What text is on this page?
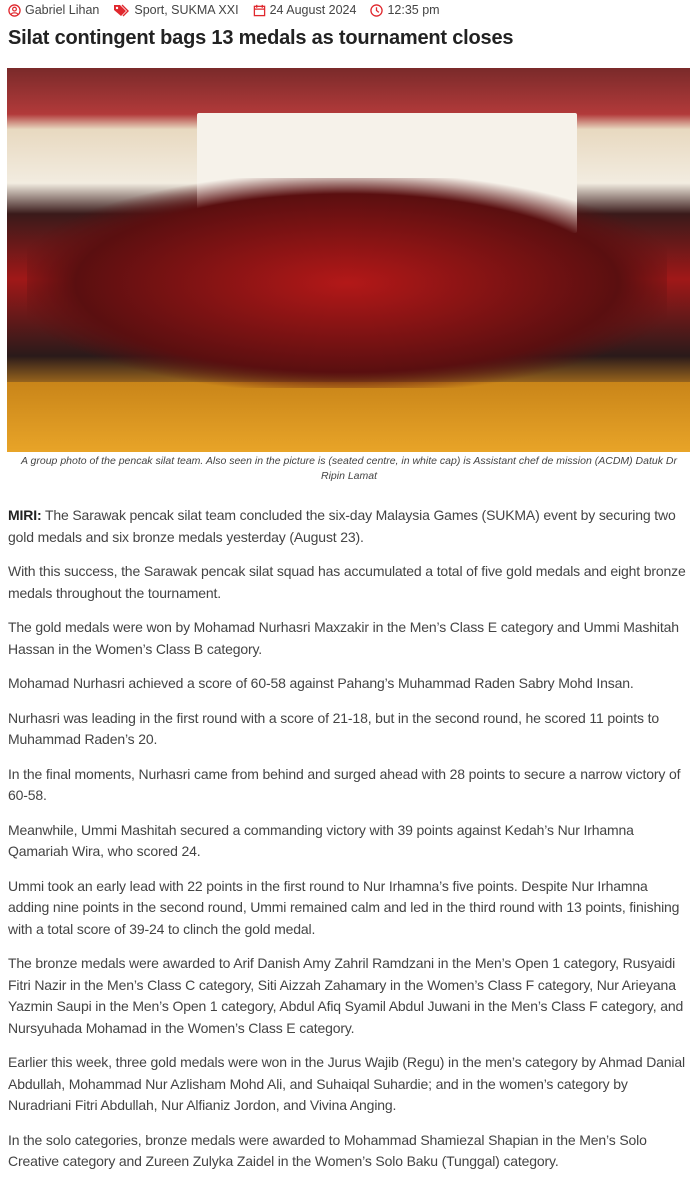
Gabriel Lihan	Sport, SUKMA XXI 24 August 2024 12:35 pm
Silat contingent bags 13 medals as tournament closes
A group photo of the pencak silat team. Also seen in the picture is (seated centre, in white cap) is Assistant chef de mission (ACDM) Datuk Dr Ripin Lamat

MIRI: The Sarawak pencak silat team concluded the six-day Malaysia Games (SUKMA) event by securing two gold medals and six bronze medals yesterday (August 23).

With this success, the Sarawak pencak silat squad has accumulated a total of five gold medals and eight bronze medals throughout the tournament.

The gold medals were won by Mohamad Nurhasri Maxzakir in the Men’s Class E category and Ummi Mashitah Hassan in the Women’s Class B category.

Mohamad Nurhasri achieved a score of 60-58 against Pahang’s Muhammad Raden Sabry Mohd Insan.

Nurhasri was leading in the first round with a score of 21-18, but in the second round, he scored 11 points to Muhammad Raden’s 20.

In the final moments, Nurhasri came from behind and surged ahead with 28 points to secure a narrow victory of 60-58.

Meanwhile, Ummi Mashitah secured a commanding victory with 39 points against Kedah’s Nur Irhamna Qamariah Wira, who scored 24.

Ummi took an early lead with 22 points in the first round to Nur Irhamna’s five points. Despite Nur Irhamna adding nine points in the second round, Ummi remained calm and led in the third round with 13 points, finishing with a total score of 39-24 to clinch the gold medal.

The bronze medals were awarded to Arif Danish Amy Zahril Ramdzani in the Men’s Open 1 category, Rusyaidi Fitri Nazir in the Men’s Class C category, Siti Aizzah Zahamary in the Women’s Class F category, Nur Arieyana Yazmin Saupi in the Men’s Open 1 category, Abdul Afiq Syamil Abdul Juwani in the Men’s Class F category, and Nursyuhada Mohamad in the Women’s Class E category.

Earlier this week, three gold medals were won in the Jurus Wajib (Regu) in the men’s category by Ahmad Danial Abdullah, Mohammad Nur Azlisham Mohd Ali, and Suhaiqal Suhardie; and in the women’s category by Nuradriani Fitri Abdullah, Nur Alfianiz Jordon, and Vivina Anging.

In the solo categories, bronze medals were awarded to Mohammad Shamiezal Shapian in the Men’s Solo Creative category and Zureen Zulyka Zaidel in the Women’s Solo Baku (Tunggal) category.
